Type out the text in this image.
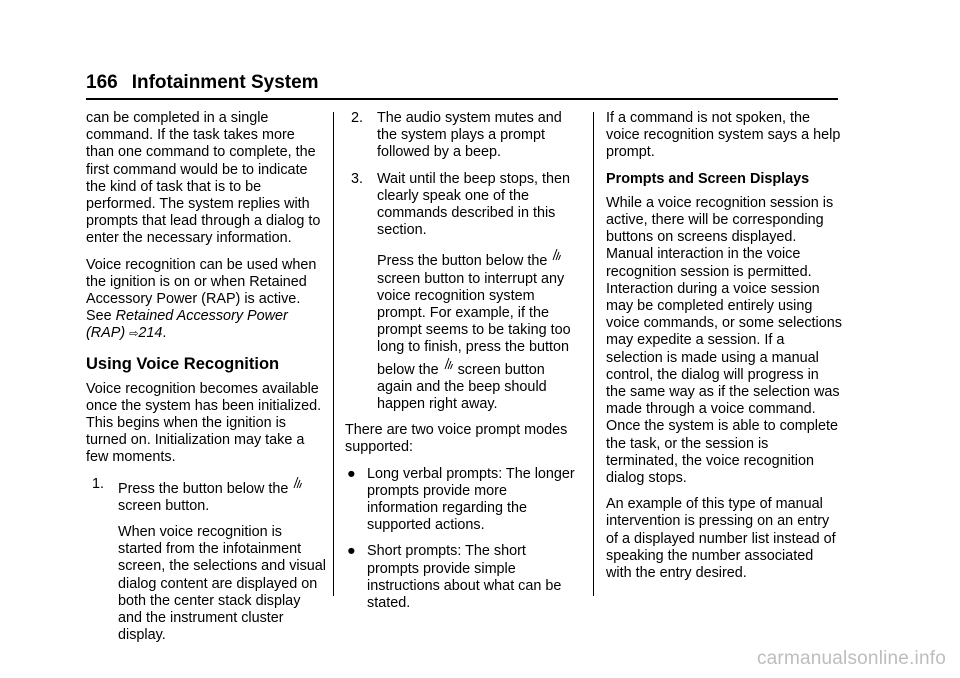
166 Infotainment System

can be completed in a single command. If the task takes more than one command to complete, the first command would be to indicate the kind of task that is to be performed. The system replies with prompts that lead through a dialog to enter the necessary information.

Voice recognition can be used when the ignition is on or when Retained Accessory Power (RAP) is active. See Retained Accessory Power (RAP) ⇨214.

Using Voice Recognition

Voice recognition becomes available once the system has been initialized. This begins when the ignition is turned on. Initialization may take a few moments.

1. Press the button below the
screen button.
When voice recognition is started from the infotainment screen, the selections and visual dialog content are displayed on both the center stack display and the instrument cluster display.
2. The audio system mutes and the system plays a prompt followed by a beep.
3. Wait until the beep stops, then clearly speak one of the commands described in this section.
Press the button below the  screen button to interrupt any voice recognition system prompt. For example, if the prompt seems to be taking too long to finish, press the button below the screen button again and the beep should happen right away.

There are two voice prompt modes supported:

● Long verbal prompts: The longer prompts provide more information regarding the supported actions.
● Short prompts: The short prompts provide simple instructions about what can be stated.

If a command is not spoken, the voice recognition system says a help prompt.

Prompts and Screen Displays

While a voice recognition session is active, there will be corresponding buttons on screens displayed. Manual interaction in the voice recognition session is permitted. Interaction during a voice session may be completed entirely using voice commands, or some selections may expedite a session. If a selection is made using a manual control, the dialog will progress in the same way as if the selection was made through a voice command. Once the system is able to complete the task, or the session is terminated, the voice recognition dialog stops.

An example of this type of manual intervention is pressing on an entry of a displayed number list instead of speaking the number associated with the entry desired.

carmanualsonline.info
